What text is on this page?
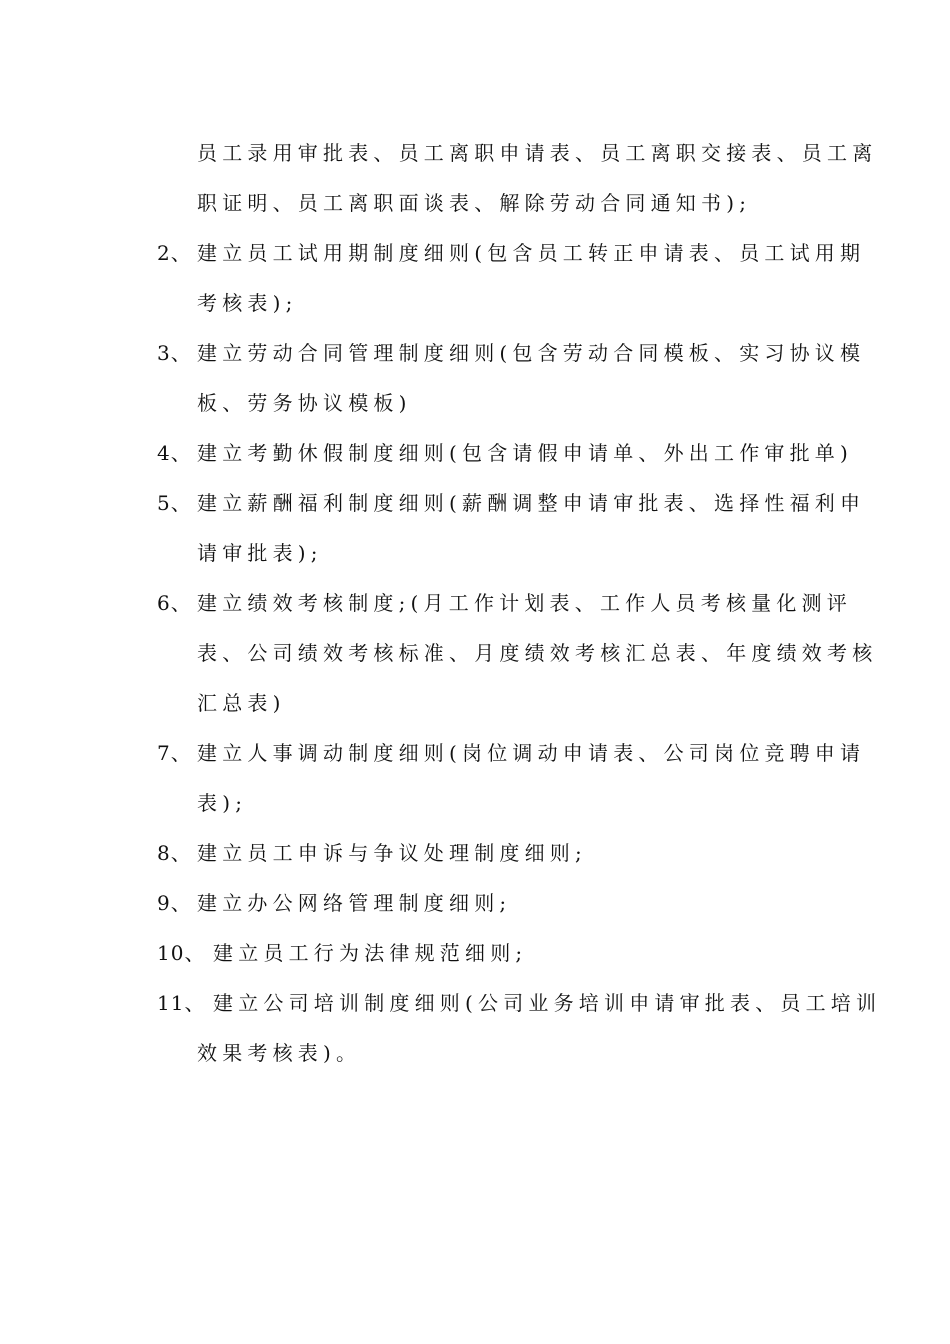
员工录用审批表、员工离职申请表、员工离职交接表、员工离
职证明、员工离职面谈表、解除劳动合同通知书);
2、 建立员工试用期制度细则(包含员工转正申请表、员工试用期
考核表);
3、 建立劳动合同管理制度细则(包含劳动合同模板、实习协议模
板、劳务协议模板)
4、 建立考勤休假制度细则(包含请假申请单、外出工作审批单)
5、 建立薪酬福利制度细则(薪酬调整申请审批表、选择性福利申
请审批表);
6、 建立绩效考核制度;(月工作计划表、工作人员考核量化测评
表、公司绩效考核标准、月度绩效考核汇总表、年度绩效考核
汇总表)
7、 建立人事调动制度细则(岗位调动申请表、公司岗位竞聘申请
表);
8、 建立员工申诉与争议处理制度细则;
9、 建立办公网络管理制度细则;
10、 建立员工行为法律规范细则;
11、 建立公司培训制度细则(公司业务培训申请审批表、员工培训
效果考核表)。
